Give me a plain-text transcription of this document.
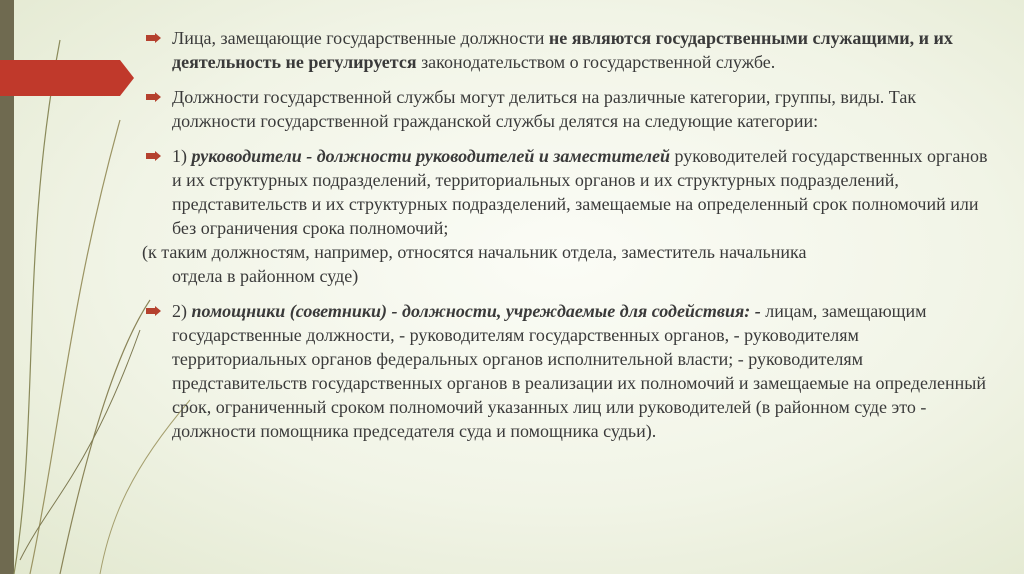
Лица, замещающие государственные должности не являются государственными служащими, и их деятельность не регулируется законодательством о государственной службе.
Должности государственной службы могут делиться на различные категории, группы, виды. Так должности государственной гражданской службы делятся на следующие категории:
1) руководители - должности руководителей и заместителей руководителей государственных органов и их структурных подразделений, территориальных органов и их структурных подразделений, представительств и их структурных подразделений, замещаемые на определенный срок полномочий или без ограничения срока полномочий;
(к таким должностям, например, относятся начальник отдела, заместитель начальника
отдела в районном суде)
2) помощники (советники) - должности, учреждаемые для содействия: - лицам, замещающим государственные должности, - руководителям государственных органов, - руководителям территориальных органов федеральных органов исполнительной власти; - руководителям представительств государственных органов в реализации их полномочий и замещаемые на определенный срок, ограниченный сроком полномочий указанных лиц или руководителей (в районном суде это - должности помощника председателя суда и помощника судьи).
